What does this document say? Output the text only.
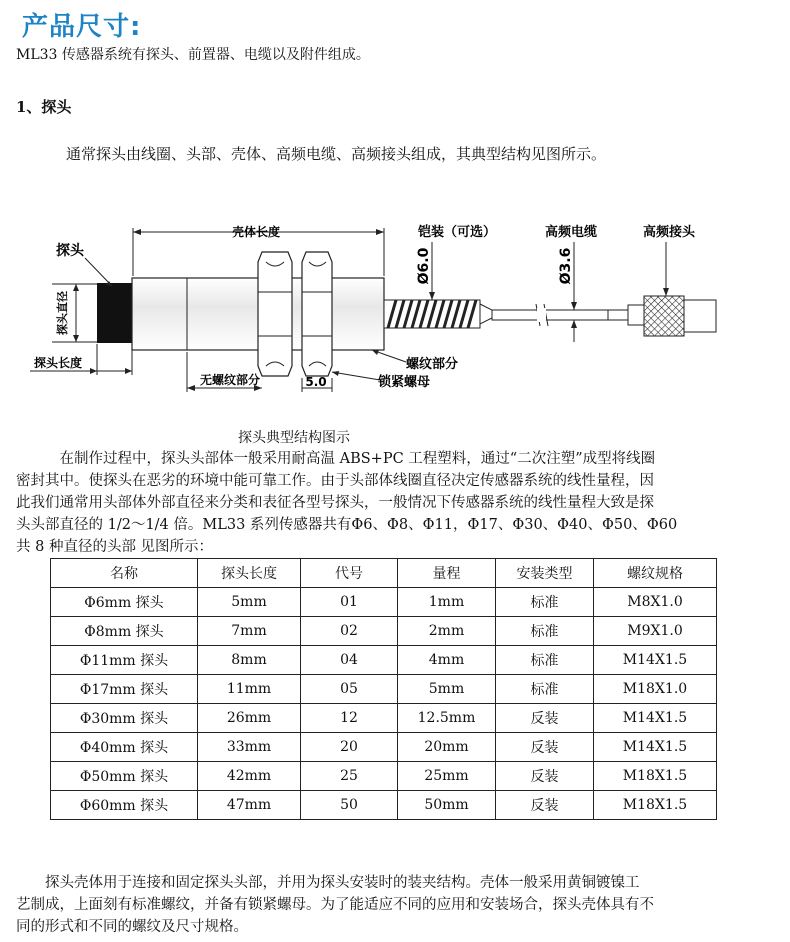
产品尺寸:
ML33 传感器系统有探头、前置器、电缆以及附件组成。
1、探头
通常探头由线圈、头部、壳体、高频电缆、高频接头组成，其典型结构见图所示。
壳体长度
探头
探头直径
探头长度
无螺纹部分	5.0
螺纹部分
锁紧螺母
铠装（可选）
Ø6.0
高频电缆
Ø3.6
高频接头
探头典型结构图示
　　　在制作过程中，探头头部体一般采用耐高温 ABS+PC 工程塑料，通过“二次注塑”成型将线圈
密封其中。使探头在恶劣的环境中能可靠工作。由于头部体线圈直径决定传感器系统的线性量程，因
此我们通常用头部体外部直径来分类和表征各型号探头，一般情况下传感器系统的线性量程大致是探
头头部直径的 1/2～1/4 倍。ML33 系列传感器共有Φ6、Φ8、Φ11，Φ17、Φ30、Φ40、Φ50、Φ60
共 8 种直径的头部 见图所示：
名称	探头长度	代号	量程	安装类型	螺纹规格
Φ6mm 探头	5mm	01	1mm	标准	M8X1.0
Φ8mm 探头	7mm	02	2mm	标准	M9X1.0
Φ11mm 探头	8mm	04	4mm	标准	M14X1.5
Φ17mm 探头	11mm	05	5mm	标准	M18X1.0
Φ30mm 探头	26mm	12	12.5mm	反装	M14X1.5
Φ40mm 探头	33mm	20	20mm	反装	M14X1.5
Φ50mm 探头	42mm	25	25mm	反装	M18X1.5
Φ60mm 探头	47mm	50	50mm	反装	M18X1.5
　　探头壳体用于连接和固定探头头部，并用为探头安装时的装夹结构。壳体一般采用黄铜镀镍工
艺制成，上面刻有标准螺纹，并备有锁紧螺母。为了能适应不同的应用和安装场合，探头壳体具有不
同的形式和不同的螺纹及尺寸规格。
